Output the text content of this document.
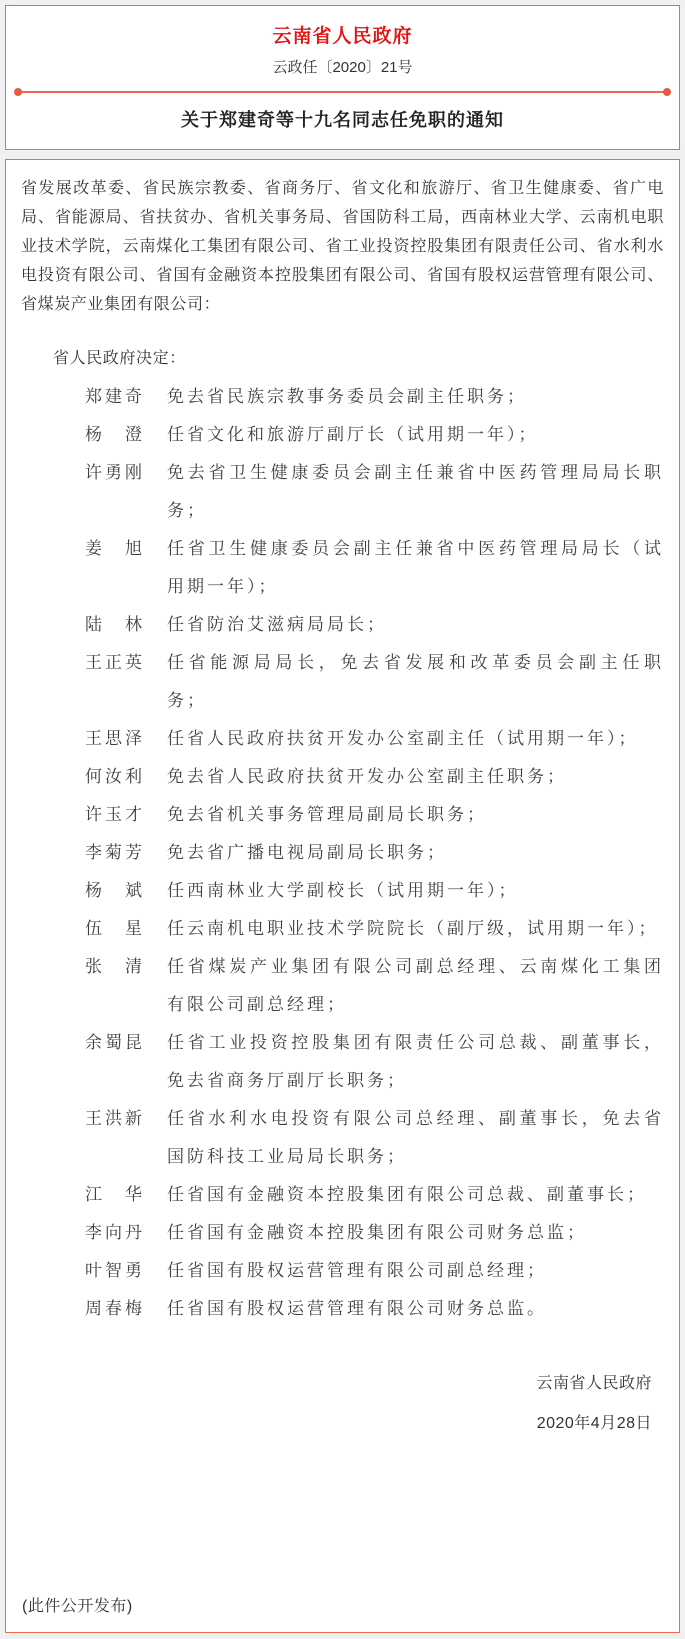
云南省人民政府
云政任〔2020〕21号
关于郑建奇等十九名同志任免职的通知
省发展改革委、省民族宗教委、省商务厅、省文化和旅游厅、省卫生健康委、省广电局、省能源局、省扶贫办、省机关事务局、省国防科工局，西南林业大学、云南机电职业技术学院，云南煤化工集团有限公司、省工业投资控股集团有限责任公司、省水利水电投资有限公司、省国有金融资本控股集团有限公司、省国有股权运营管理有限公司、省煤炭产业集团有限公司：
省人民政府决定：
郑建奇	免去省民族宗教事务委员会副主任职务；
杨　澄	任省文化和旅游厅副厅长（试用期一年）；
许勇刚	免去省卫生健康委员会副主任兼省中医药管理局局长职务；
姜　旭	任省卫生健康委员会副主任兼省中医药管理局局长（试用期一年）；
陆　林	任省防治艾滋病局局长；
王正英	任省能源局局长，免去省发展和改革委员会副主任职务；
王思泽	任省人民政府扶贫开发办公室副主任（试用期一年）；
何汝利	免去省人民政府扶贫开发办公室副主任职务；
许玉才	免去省机关事务管理局副局长职务；
李菊芳	免去省广播电视局副局长职务；
杨　斌	任西南林业大学副校长（试用期一年）；
伍　星	任云南机电职业技术学院院长（副厅级，试用期一年）；
张　清	任省煤炭产业集团有限公司副总经理、云南煤化工集团有限公司副总经理；
余蜀昆	任省工业投资控股集团有限责任公司总裁、副董事长，免去省商务厅副厅长职务；
王洪新	任省水利水电投资有限公司总经理、副董事长，免去省国防科技工业局局长职务；
江　华	任省国有金融资本控股集团有限公司总裁、副董事长；
李向丹	任省国有金融资本控股集团有限公司财务总监；
叶智勇	任省国有股权运营管理有限公司副总经理；
周春梅	任省国有股权运营管理有限公司财务总监。
云南省人民政府
2020年4月28日
(此件公开发布)
